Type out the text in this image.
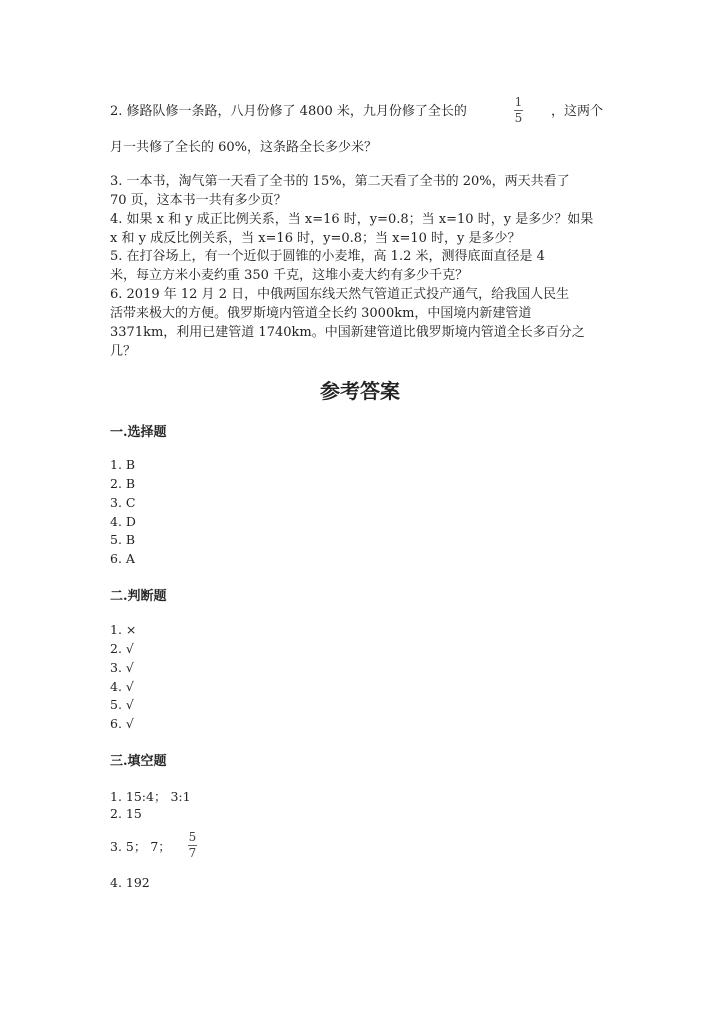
2. 修路队修一条路，八月份修了 4800 米，九月份修了全长的
1
5 ，这两个
月一共修了全长的 60%，这条路全长多少米？
3. 一本书，淘气第一天看了全书的 15%，第二天看了全书的 20%，两天共看了
70 页，这本书一共有多少页？
4. 如果 x 和 y 成正比例关系，当 x=16 时，y=0.8；当 x=10 时，y 是多少？如果
x 和 y 成反比例关系，当 x=16 时，y=0.8；当 x=10 时，y 是多少？
5. 在打谷场上，有一个近似于圆锥的小麦堆，高 1.2 米，测得底面直径是 4
米，每立方米小麦约重 350 千克，这堆小麦大约有多少千克？
6. 2019 年 12 月 2 日，中俄两国东线天然气管道正式投产通气，给我国人民生
活带来极大的方便。俄罗斯境内管道全长约 3000km，中国境内新建管道
3371km，利用已建管道 1740km。中国新建管道比俄罗斯境内管道全长多百分之
几？
参考答案
一.选择题
1. B
2. B
3. C
4. D
5. B
6. A
二.判断题
1. ×
2. √
3. √
4. √
5. √
6. √
三.填空题
1. 15:4； 3:1
2. 15
3. 5； 7；
5
7
4. 192
